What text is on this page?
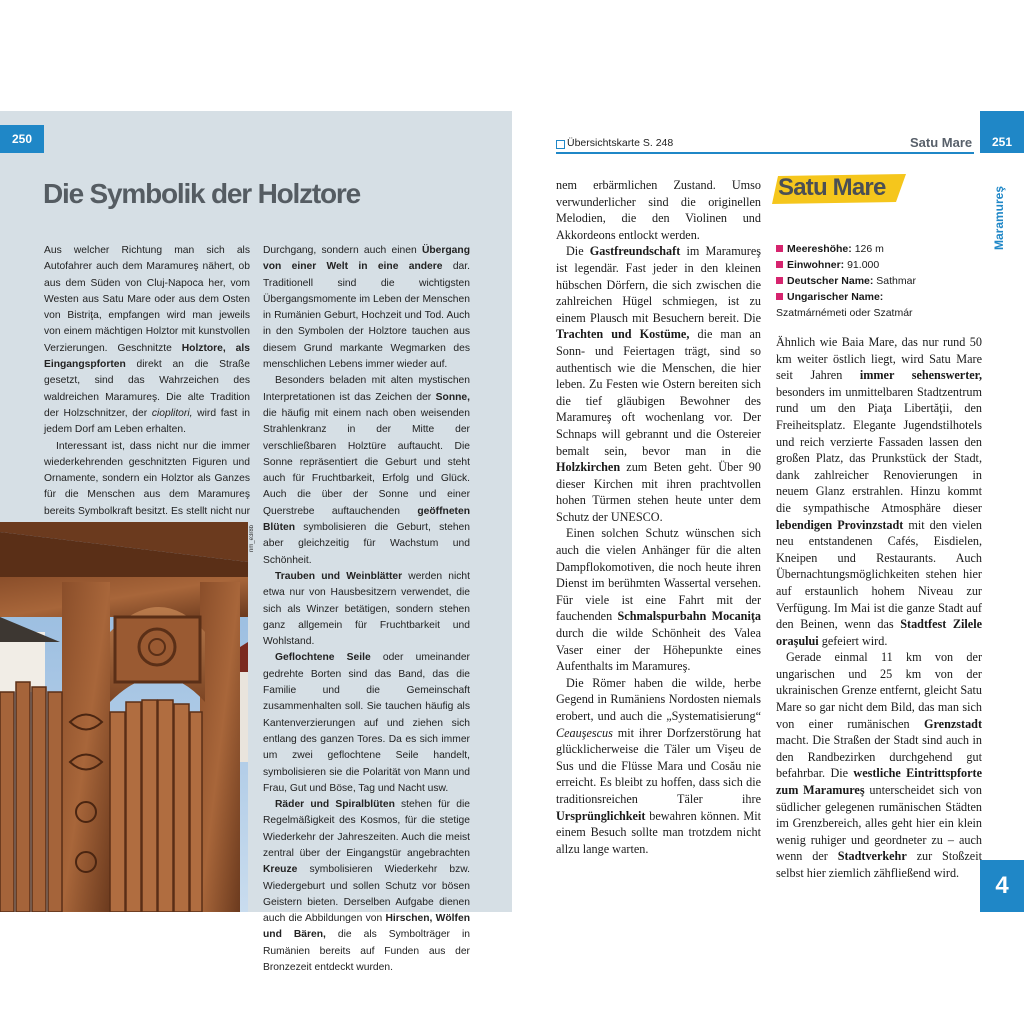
250
Die Symbolik der Holztore

Aus welcher Richtung man sich als Autofahrer auch dem Maramureş nähert, ob aus dem Süden von Cluj-Napoca her, vom Westen aus Satu Mare oder aus dem Osten von Bistriţa, empfangen wird man jeweils von einem mächtigen Holztor mit kunstvollen Verzierungen. Geschnitzte Holztore, als Eingangspforten direkt an die Straße gesetzt, sind das Wahrzeichen des waldreichen Maramureş. Die alte Tradition der Holzschnitzer, der cioplitori, wird fast in jedem Dorf am Leben erhalten.

Interessant ist, dass nicht nur die immer wiederkehrenden geschnitzten Figuren und Ornamente, sondern ein Holztor als Ganzes für die Menschen aus dem Maramureş bereits Symbolkraft besitzt. Es stellt nicht nur

Durchgang, sondern auch einen Übergang von einer Welt in eine andere dar. Traditionell sind die wichtigsten Übergangsmomente im Leben der Menschen in Rumänien Geburt, Hochzeit und Tod. Auch in den Symbolen der Holztore tauchen aus diesem Grund markante Wegmarken des menschlichen Lebens immer wieder auf.

Besonders beladen mit alten mystischen Interpretationen ist das Zeichen der Sonne, die häufig mit einem nach oben weisenden Strahlenkranz in der Mitte der verschließbaren Holztüre auftaucht. Die Sonne repräsentiert die Geburt und steht auch für Fruchtbarkeit, Erfolg und Glück. Auch die über der Sonne und einer Querstrebe auftauchenden geöffneten Blüten symbolisieren die Geburt, stehen aber gleichzeitig für Wachstum und Schönheit.

Trauben und Weinblätter werden nicht etwa nur von Hausbesitzern verwendet, die sich als Winzer betätigen, sondern stehen ganz allgemein für Fruchtbarkeit und Wohlstand.

Geflochtene Seile oder umeinander gedrehte Borten sind das Band, das die Familie und die Gemeinschaft zusammenhalten soll. Sie tauchen häufig als Kantenverzierungen auf und ziehen sich entlang des ganzen Tores. Da es sich immer um zwei geflochtene Seile handelt, symbolisieren sie die Polarität von Mann und Frau, Gut und Böse, Tag und Nacht usw.

Räder und Spiralblüten stehen für die Regelmäßigkeit des Kosmos, für die stetige Wiederkehr der Jahreszeiten. Auch die meist zentral über der Eingangstür angebrachten Kreuze symbolisieren Wiederkehr bzw. Wiedergeburt und sollen Schutz vor bösen Geistern bieten. Derselben Aufgabe dienen auch die Abbildungen von Hirschen, Wölfen und Bären, die als Symbolträger in Rumänien bereits auf Funden aus der Bronzezeit entdeckt wurden.

nm_e3r8b
Übersichtskarte S. 248	Satu Mare 251
Maramureş
4

nem erbärmlichen Zustand. Umso verwunderlicher sind die originellen Melodien, die den Violinen und Akkordeons entlockt werden.

Die Gastfreundschaft im Maramureş ist legendär. Fast jeder in den kleinen hübschen Dörfern, die sich zwischen die zahlreichen Hügel schmiegen, ist zu einem Plausch mit Besuchern bereit. Die Trachten und Kostüme, die man an Sonn- und Feiertagen trägt, sind so authentisch wie die Menschen, die hier leben. Zu Festen wie Ostern bereiten sich die tief gläubigen Bewohner des Maramureş oft wochenlang vor. Der Schnaps will gebrannt und die Ostereier bemalt sein, bevor man in die Holzkirchen zum Beten geht. Über 90 dieser Kirchen mit ihren prachtvollen hohen Türmen stehen heute unter dem Schutz der UNESCO.

Einen solchen Schutz wünschen sich auch die vielen Anhänger für die alten Dampflokomotiven, die noch heute ihren Dienst im berühmten Wassertal versehen. Für viele ist eine Fahrt mit der fauchenden Schmalspurbahn Mocaniţa durch die wilde Schönheit des Valea Vaser einer der Höhepunkte eines Aufenthalts im Maramureş.

Die Römer haben die wilde, herbe Gegend in Rumäniens Nordosten niemals erobert, und auch die „Systematisierung“ Ceauşescus mit ihrer Dorfzerstörung hat glücklicherweise die Täler um Vişeu de Sus und die Flüsse Mara und Cosău nie erreicht. Es bleibt zu hoffen, dass sich die traditionsreichen Täler ihre Ursprünglichkeit bewahren können. Mit einem Besuch sollte man trotzdem nicht allzu lange warten.

Satu Mare
Meereshöhe: 126 m
Einwohner: 91.000
Deutscher Name: Sathmar
Ungarischer Name:
Szatmárnémeti oder Szatmár

Ähnlich wie Baia Mare, das nur rund 50 km weiter östlich liegt, wird Satu Mare seit Jahren immer sehenswerter, besonders im unmittelbaren Stadtzentrum rund um den Piaţa Libertăţii, den Freiheitsplatz. Elegante Jugendstilhotels und reich verzierte Fassaden lassen den großen Platz, das Prunkstück der Stadt, dank zahlreicher Renovierungen in neuem Glanz erstrahlen. Hinzu kommt die sympathische Atmosphäre dieser lebendigen Provinzstadt mit den vielen neu entstandenen Cafés, Eisdielen, Kneipen und Restaurants. Auch Übernachtungsmöglichkeiten stehen hier auf erstaunlich hohem Niveau zur Verfügung. Im Mai ist die ganze Stadt auf den Beinen, wenn das Stadtfest Zilele oraşului gefeiert wird.

Gerade einmal 11 km von der ungarischen und 25 km von der ukrainischen Grenze entfernt, gleicht Satu Mare so gar nicht dem Bild, das man sich von einer rumänischen Grenzstadt macht. Die Straßen der Stadt sind auch in den Randbezirken durchgehend gut befahrbar. Die westliche Eintrittspforte zum Maramureş unterscheidet sich von südlicher gelegenen rumänischen Städten im Grenzbereich, alles geht hier ein klein wenig ruhiger und geordneter zu – auch wenn der Stadtverkehr zur Stoßzeit selbst hier ziemlich zähfließend wird.
